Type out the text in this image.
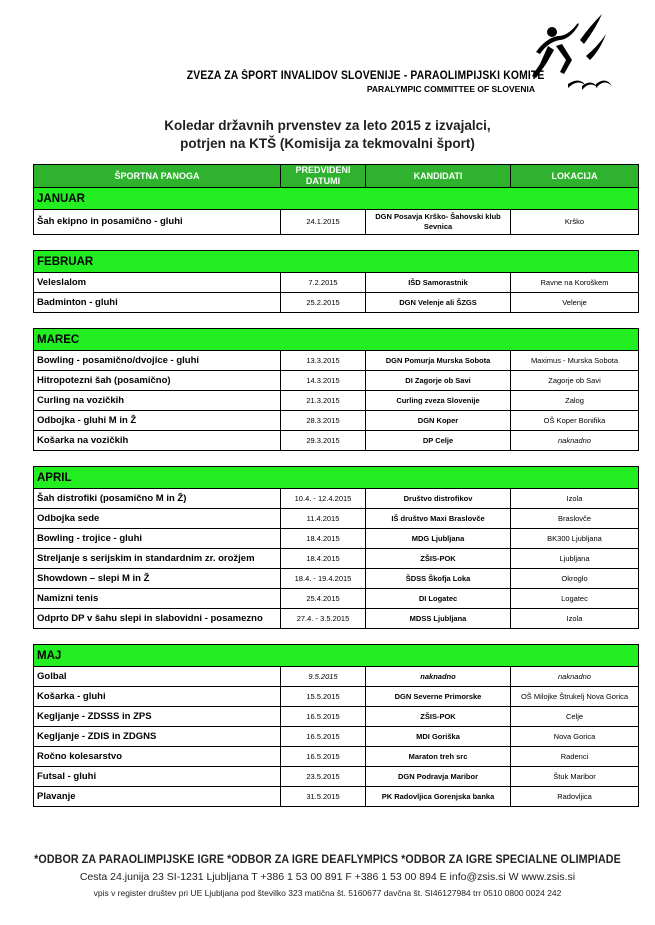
ZVEZA ZA ŠPORT INVALIDOV SLOVENIJE - PARAOLIMPIJSKI KOMITE
PARALYMPIC COMMITTEE OF SLOVENIA
Koledar državnih prvenstev za leto 2015 z izvajalci,
potrjen na KTŠ (Komisija za tekmovalni šport)
ŠPORTNA PANOGA	PREDVIDENI DATUMI	KANDIDATI	LOKACIJA
JANUAR			
Šah ekipno in posamično - gluhi	24.1.2015	DGN Posavja Krško- Šahovski klub Sevnica	Krško

FEBRUAR			
Veleslalom	7.2.2015	IŠD Samorastnik	Ravne na Koroškem
Badminton - gluhi	25.2.2015	DGN Velenje ali ŠZGS	Velenje

MAREC			
Bowling - posamično/dvojice - gluhi	13.3.2015	DGN Pomurja Murska Sobota	Maximus - Murska Sobota
Hitropotezni šah (posamično)	14.3.2015	DI Zagorje ob Savi	Zagorje ob Savi
Curling na vozičkih	21.3.2015	Curling zveza Slovenije	Zalog
Odbojka - gluhi M in Ž	28.3.2015	DGN Koper	OŠ Koper Bonifika
Košarka na vozičkih	29.3.2015	DP Celje	naknadno

APRIL			
Šah distrofiki (posamično M in Ž)	10.4. - 12.4.2015	Društvo distrofikov	Izola
Odbojka sede	11.4.2015	IŠ društvo Maxi Braslovče	Braslovče
Bowling - trojice - gluhi	18.4.2015	MDG Ljubljana	BK300 Ljubljana
Streljanje s serijskim in standardnim zr. orožjem	18.4.2015	ZŠIS-POK	Ljubljana
Showdown – slepi M in Ž	18.4. - 19.4.2015	ŠDSS Škofja Loka	Okroglo
Namizni tenis	25.4.2015	DI Logatec	Logatec
Odprto DP v šahu slepi in slabovidni - posamezno	27.4. - 3.5.2015	MDSS Ljubljana	Izola

MAJ			
Golbal	9.5.2015	naknadno	naknadno
Košarka - gluhi	15.5.2015	DGN Severne Primorske	OŠ Milojke Štrukelj Nova Gorica
Kegljanje - ZDSSS in ZPS	16.5.2015	ZŠIS-POK	Celje
Kegljanje - ZDIS in ZDGNS	16.5.2015	MDI Goriška	Nova Gorica
Ročno kolesarstvo	16.5.2015	Maraton treh src	Radenci
Futsal - gluhi	23.5.2015	DGN Podravja Maribor	Štuk Maribor
Plavanje	31.5.2015	PK Radovljica Gorenjska banka	Radovljica
*ODBOR ZA PARAOLIMPIJSKE IGRE *ODBOR ZA IGRE DEAFLYMPICS *ODBOR ZA IGRE SPECIALNE OLIMPIADE
Cesta 24.junija 23 SI-1231 Ljubljana T +386 1 53 00 891 F +386 1 53 00 894 E info@zsis.si W www.zsis.si
vpis v register društev pri UE Ljubljana pod številko 323 matična št. 5160677 davčna št. SI46127984 trr 0510 0800 0024 242
